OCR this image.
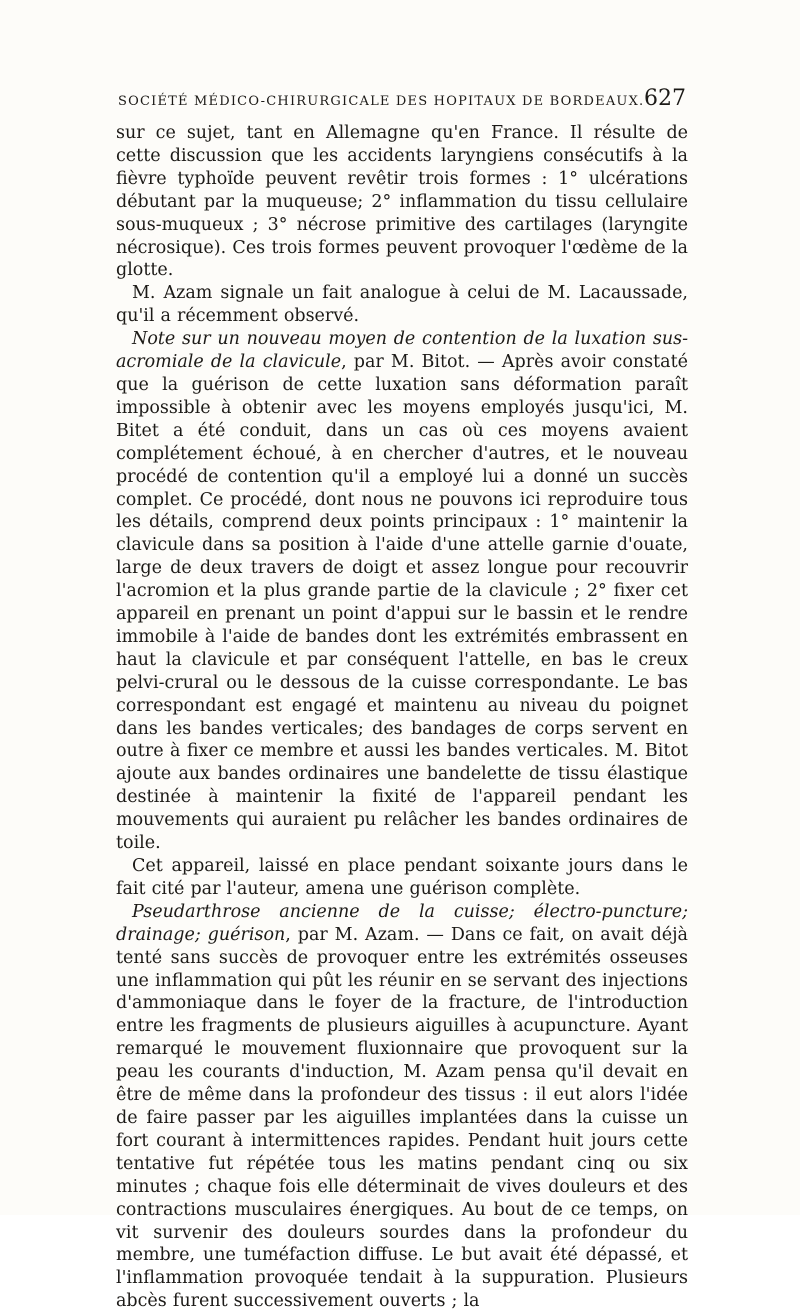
SOCIÉTÉ MÉDICO-CHIRURGICALE DES HOPITAUX DE BORDEAUX. 627

sur ce sujet, tant en Allemagne qu'en France. Il résulte de cette discussion que les accidents laryngiens consécutifs à la fièvre typhoïde peuvent revêtir trois formes : 1° ulcérations débutant par la muqueuse; 2° inflammation du tissu cellulaire sous-muqueux ; 3° nécrose primitive des cartilages (laryngite nécrosique). Ces trois formes peuvent provoquer l'œdème de la glotte.

M. Azam signale un fait analogue à celui de M. Lacaussade, qu'il a récemment observé.

Note sur un nouveau moyen de contention de la luxation sus-acromiale de la clavicule, par M. Bitot. — Après avoir constaté que la guérison de cette luxation sans déformation paraît impossible à obtenir avec les moyens employés jusqu'ici, M. Bitet a été conduit, dans un cas où ces moyens avaient complétement échoué, à en chercher d'autres, et le nouveau procédé de contention qu'il a employé lui a donné un succès complet. Ce procédé, dont nous ne pouvons ici reproduire tous les détails, comprend deux points principaux : 1° maintenir la clavicule dans sa position à l'aide d'une attelle garnie d'ouate, large de deux travers de doigt et assez longue pour recouvrir l'acromion et la plus grande partie de la clavicule ; 2° fixer cet appareil en prenant un point d'appui sur le bassin et le rendre immobile à l'aide de bandes dont les extrémités embrassent en haut la clavicule et par conséquent l'attelle, en bas le creux pelvi-crural ou le dessous de la cuisse correspondante. Le bas correspondant est engagé et maintenu au niveau du poignet dans les bandes verticales; des bandages de corps servent en outre à fixer ce membre et aussi les bandes verticales. M. Bitot ajoute aux bandes ordinaires une bandelette de tissu élastique destinée à maintenir la fixité de l'appareil pendant les mouvements qui auraient pu relâcher les bandes ordinaires de toile.

Cet appareil, laissé en place pendant soixante jours dans le fait cité par l'auteur, amena une guérison complète.

Pseudarthrose ancienne de la cuisse; électro-puncture; drainage; guérison, par M. Azam. — Dans ce fait, on avait déjà tenté sans succès de provoquer entre les extrémités osseuses une inflammation qui pût les réunir en se servant des injections d'ammoniaque dans le foyer de la fracture, de l'introduction entre les fragments de plusieurs aiguilles à acupuncture. Ayant remarqué le mouvement fluxionnaire que provoquent sur la peau les courants d'induction, M. Azam pensa qu'il devait en être de même dans la profondeur des tissus : il eut alors l'idée de faire passer par les aiguilles implantées dans la cuisse un fort courant à intermittences rapides. Pendant huit jours cette tentative fut répétée tous les matins pendant cinq ou six minutes ; chaque fois elle déterminait de vives douleurs et des contractions musculaires énergiques. Au bout de ce temps, on vit survenir des douleurs sourdes dans la profondeur du membre, une tuméfaction diffuse. Le but avait été dépassé, et l'inflammation provoquée tendait à la suppuration. Plusieurs abcès furent successivement ouverts ; la
